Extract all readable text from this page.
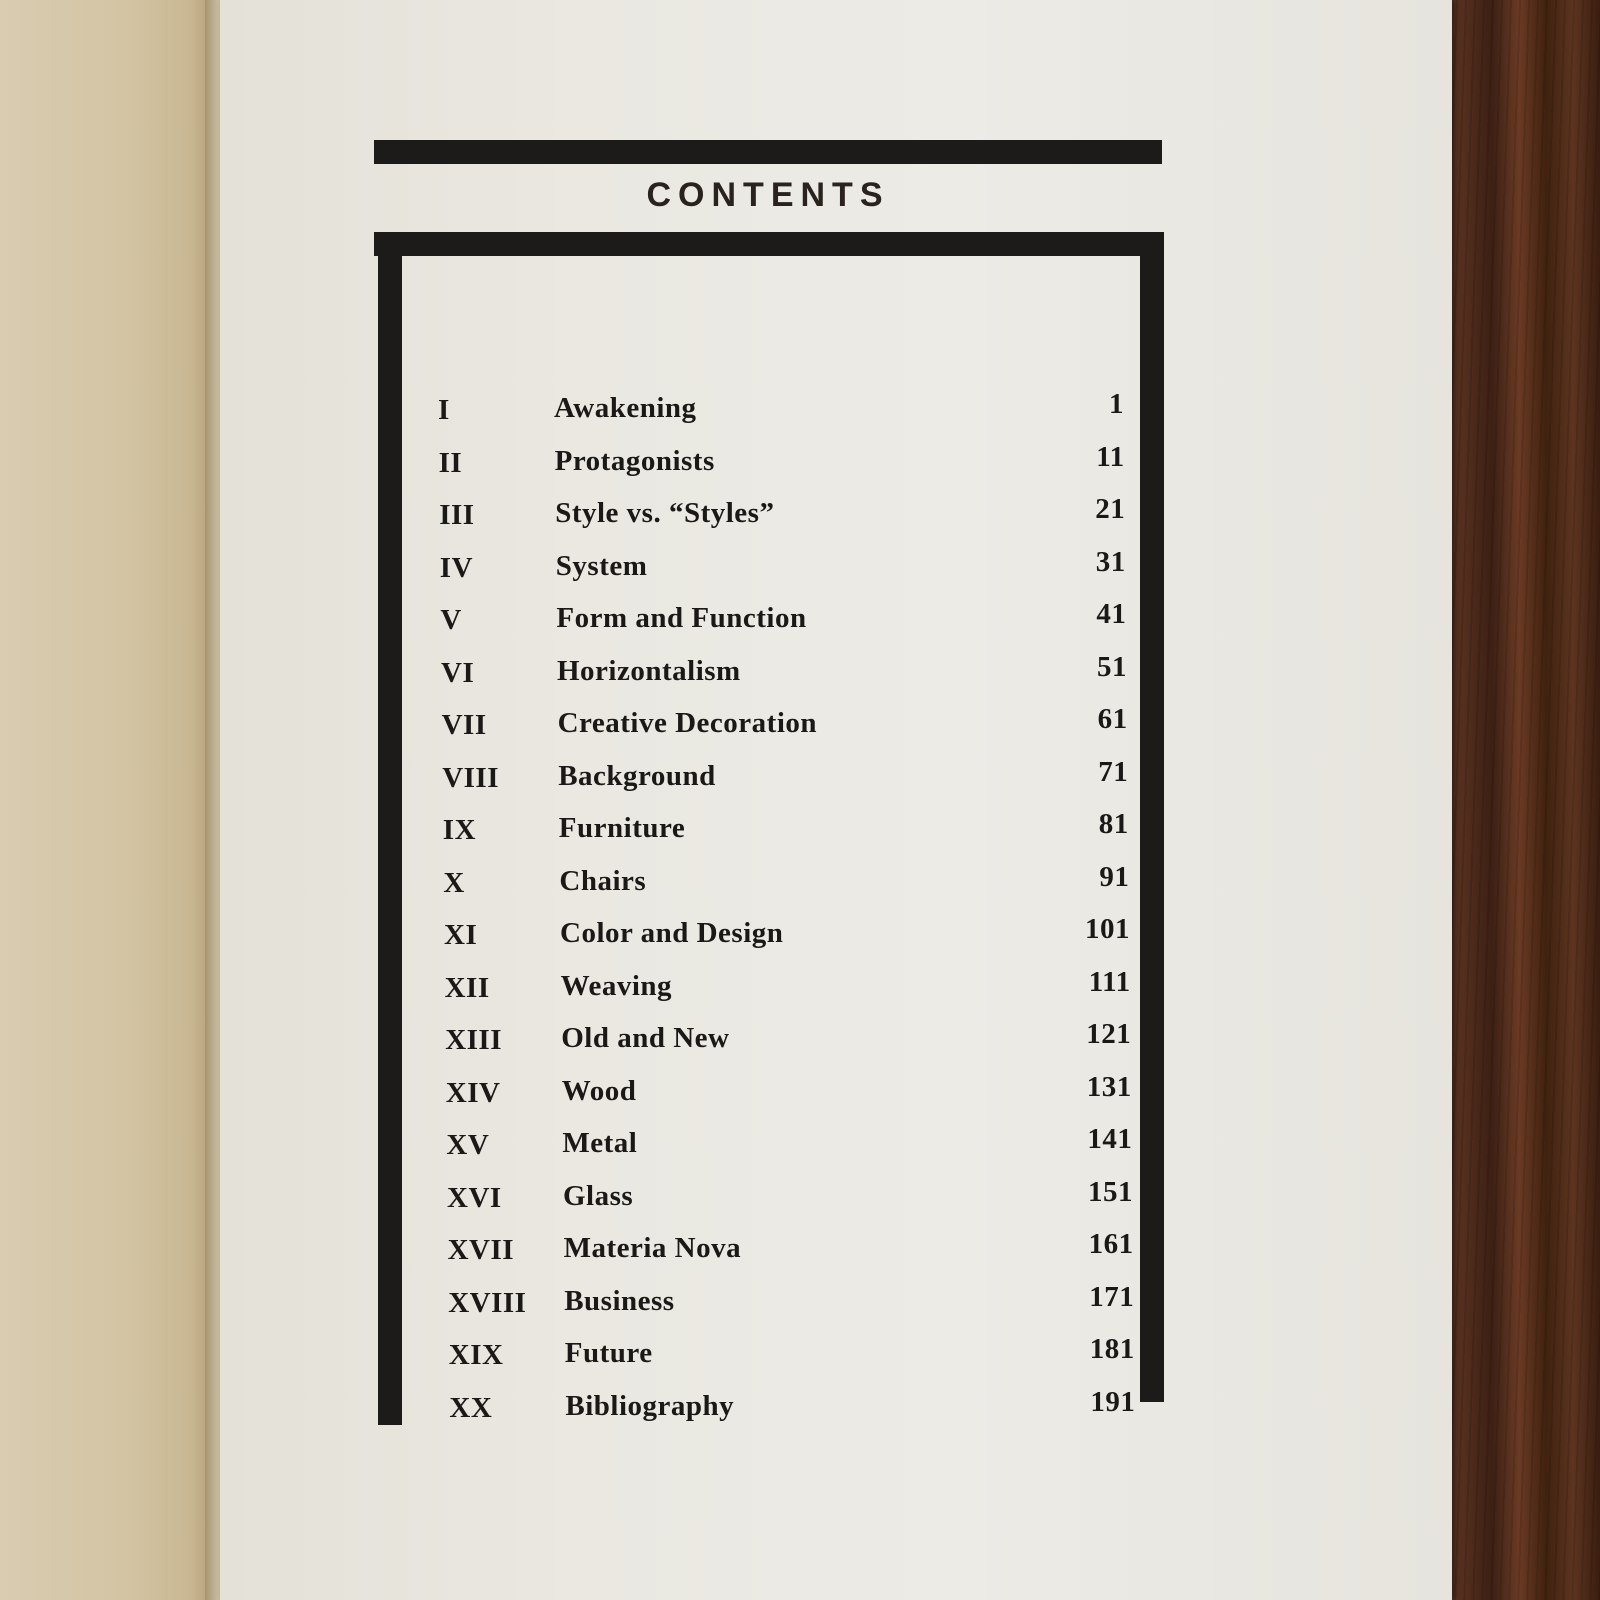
CONTENTS
I	Awakening	1
II	Protagonists	11
III	Style vs. “Styles”	21
IV	System	31
V	Form and Function	41
VI	Horizontalism	51
VII Creative Decoration	61
VIII Background	71
IX	Furniture	81
X	Chairs	91
XI	Color and Design	101
XII Weaving	111
XIII Old and New	121
XIV Wood	131
XV	Metal	141
XVI Glass	151
XVII Materia Nova	161
XVIII Business	171
XIX Future	181
XX	Bibliography	191
